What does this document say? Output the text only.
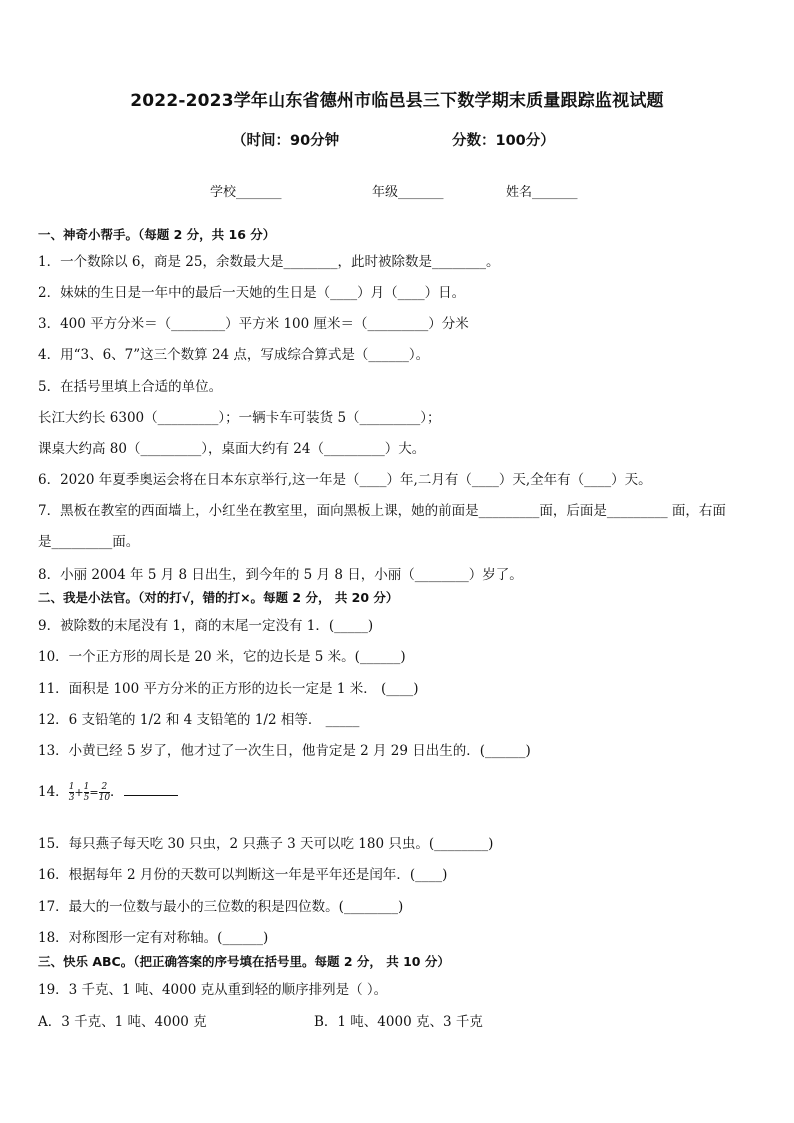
2022-2023学年山东省德州市临邑县三下数学期末质量跟踪监视试题
（时间：90分钟	分数：100分）
学校_______	年级_______	姓名_______
一、神奇小帮手。（每题 2 分，共 16 分）
1．一个数除以 6，商是 25，余数最大是________，此时被除数是________。
2．妹妹的生日是一年中的最后一天她的生日是（____）月（____）日。
3．400 平方分米＝（________）平方米 100 厘米＝（_________）分米
4．用“3、6、7”这三个数算 24 点，写成综合算式是（______）。
5．在括号里填上合适的单位。
长江大约长 6300（_________）；一辆卡车可装货 5（_________）；
课桌大约高 80（_________），桌面大约有 24（_________）大。
6．2020 年夏季奥运会将在日本东京举行,这一年是（____）年,二月有（____）天,全年有（____）天。
7．黑板在教室的西面墙上，小红坐在教室里，面向黑板上课，她的前面是_________面，后面是_________ 面，右面
是_________面。
8．小丽 2004 年 5 月 8 日出生，到今年的 5 月 8 日，小丽（________）岁了。
二、我是小法官。（对的打√，错的打×。每题 2 分， 共 20 分）
9．被除数的末尾没有 1，商的末尾一定没有 1．(_____)
10．一个正方形的周长是 20 米，它的边长是 5 米。(______)
11．面积是 100 平方分米的正方形的边长一定是 1 米． (____)
12．6 支铅笔的 1/2 和 4 支铅笔的 1/2 相等． _____
13．小黄已经 5 岁了，他才过了一次生日，他肯定是 2 月 29 日出生的．(______)
14． $\frac{1}{3} + \frac{1}{5} = \frac{2}{10}$ ．
15．每只燕子每天吃 30 只虫，2 只燕子 3 天可以吃 180 只虫。(________)
16．根据每年 2 月份的天数可以判断这一年是平年还是闰年．(____)
17．最大的一位数与最小的三位数的积是四位数。(________)
18．对称图形一定有对称轴。(______)
三、快乐 ABC。（把正确答案的序号填在括号里。每题 2 分， 共 10 分）
19．3 千克、1 吨、4000 克从重到轻的顺序排列是（ ）。
A．3 千克、1 吨、4000 克	B．1 吨、4000 克、3 千克
